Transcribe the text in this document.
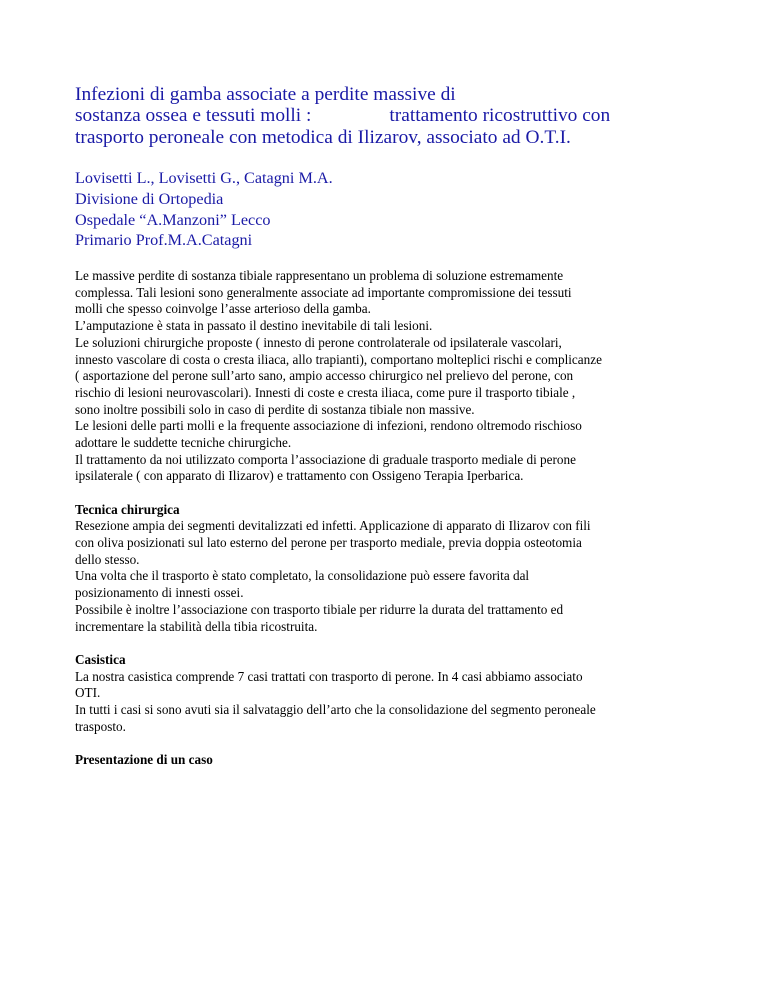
Infezioni di gamba associate a perdite massive di
sostanza ossea e tessuti molli :	trattamento ricostruttivo con
trasporto peroneale con metodica di Ilizarov, associato ad O.T.I.
Lovisetti L., Lovisetti G., Catagni M.A.
Divisione di Ortopedia
Ospedale “A.Manzoni” Lecco
Primario Prof.M.A.Catagni

Le massive perdite di sostanza tibiale rappresentano un problema di soluzione estremamente
complessa. Tali lesioni sono generalmente associate ad importante compromissione dei tessuti
molli che spesso coinvolge l’asse arterioso della gamba.
L’amputazione è stata in passato il destino inevitabile di tali lesioni.
Le soluzioni chirurgiche proposte ( innesto di perone controlaterale od ipsilaterale vascolari,
innesto vascolare di costa o cresta iliaca, allo trapianti), comportano molteplici rischi e complicanze
( asportazione del perone sull’arto sano, ampio accesso chirurgico nel prelievo del perone, con
rischio di lesioni neurovascolari). Innesti di coste e cresta iliaca, come pure il trasporto tibiale ,
sono inoltre possibili solo in caso di perdite di sostanza tibiale non massive.
Le lesioni delle parti molli e la frequente associazione di infezioni, rendono oltremodo rischioso
adottare le suddette tecniche chirurgiche.
Il trattamento da noi utilizzato comporta l’associazione di graduale trasporto mediale di perone
ipsilaterale ( con apparato di Ilizarov) e trattamento con Ossigeno Terapia Iperbarica.

Tecnica chirurgica
Resezione ampia dei segmenti devitalizzati ed infetti. Applicazione di apparato di Ilizarov con fili
con oliva posizionati sul lato esterno del perone per trasporto mediale, previa doppia osteotomia
dello stesso.
Una volta che il trasporto è stato completato, la consolidazione può essere favorita dal
posizionamento di innesti ossei.
Possibile è inoltre l’associazione con trasporto tibiale per ridurre la durata del trattamento ed
incrementare la stabilità della tibia ricostruita.
Casistica
La nostra casistica comprende 7 casi trattati con trasporto di perone. In 4 casi abbiamo associato
OTI.
In tutti i casi si sono avuti sia il salvataggio dell’arto che la consolidazione del segmento peroneale
trasposto.
Presentazione di un caso
